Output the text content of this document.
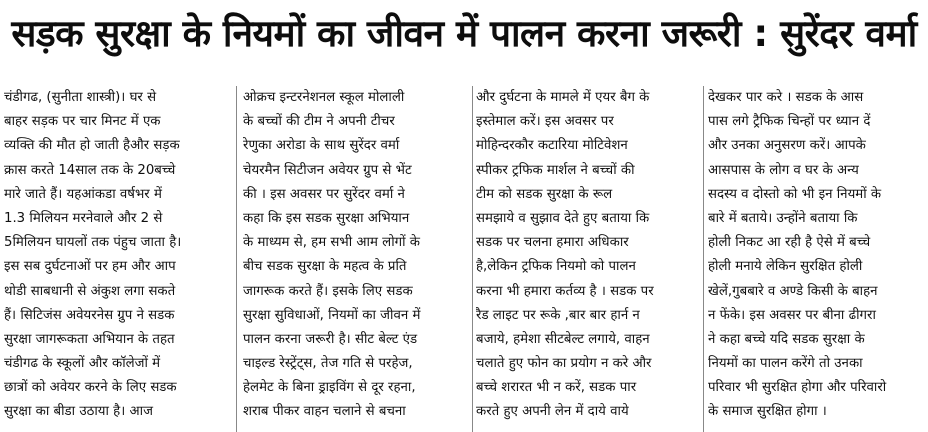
सड़क सुरक्षा के नियमों का जीवन में पालन करना जरूरी : सुरेंदर वर्मा
चंडीगढ, (सुनीता शास्त्री)। घर से
बाहर सड़क पर चार मिनट में एक
व्यक्ति की मौत हो जाती हैऔर सड़क
क्रास करते 14साल तक के 20बच्चे
मारे जाते हैं। यहआंकडा वर्षभर में
1.3 मिलियन मरनेवाले और 2 से
5मिलियन घायलों तक पंहुच जाता है।
इस सब दुर्घटनाओं पर हम और आप
थोडी साबधानी से अंकुश लगा सकते
हैं। सिटिजंस अवेयरनेस ग्रुप ने सडक
सुरक्षा जागरूकता अभियान के तहत
चंडीगढ के स्कूलों और कॉलेजों में
छात्रों को अवेयर करने के लिए सडक
सुरक्षा का बीडा उठाया है। आज
ओक्रच इन्टरनेशनल स्कूल मोलाली
के बच्चों की टीम ने अपनी टीचर
रेणुका अरोडा के साथ सुरेंदर वर्मा
चेयरमैन सिटीजन अवेयर ग्रुप से भेंट
की । इस अवसर पर सुरेंदर वर्मा ने
कहा कि इस सडक सुरक्षा अभियान
के माध्यम से, हम सभी आम लोगों के
बीच सडक सुरक्षा के महत्व के प्रति
जागरूक करते हैं। इसके लिए सडक
सुरक्षा सुविधाओं, नियमों का जीवन में
पालन करना जरूरी है। सीट बेल्ट एंड
चाइल्ड रेस्ट्रेंट्स, तेज गति से परहेज,
हेलमेट के बिना ड्राइविंग से दूर रहना,
शराब पीकर वाहन चलाने से बचना
और दुर्घटना के मामले में एयर बैग के
इस्तेमाल करें। इस अवसर पर
मोहिन्दरकौर कटारिया मोटिवेशन
स्पीकर ट्रफिक मार्शल ने बच्चों की
टीम को सडक सुरक्षा के रूल
समझाये व सुझाव देते हुए बताया कि
सडक पर चलना हमारा अधिकार
है,लेकिन ट्रफिक नियमो को पालन
करना भी हमारा कर्तव्य है । सडक पर
रैड लाइट पर रूके ,बार बार हार्न न
बजाये, हमेशा सीटबेल्ट लगाये, वाहन
चलाते हुए फोन का प्रयोग न करे और
बच्चे शरारत भी न करें, सडक पार
करते हुए अपनी लेन में दाये वाये
देखकर पार करे । सडक के आस
पास लगे ट्रैफिक चिन्हों पर ध्यान दें
और उनका अनुसरण करें। आपके
आसपास के लोग व घर के अन्य
सदस्य व दोस्तो को भी इन नियमों के
बारे में बताये। उन्होंने बताया कि
होली निकट आ रही है ऐसे में बच्चे
होली मनाये लेकिन सुरक्षित होली
खेलें,गुबबारे व अण्डे किसी के बाहन
न फेंके। इस अवसर पर बीना ढीगरा
ने कहा बच्चे यदि सडक सुरक्षा के
नियमों का पालन करेंगे तो उनका
परिवार भी सुरक्षित होगा और परिवारो
के समाज सुरक्षित होगा ।
